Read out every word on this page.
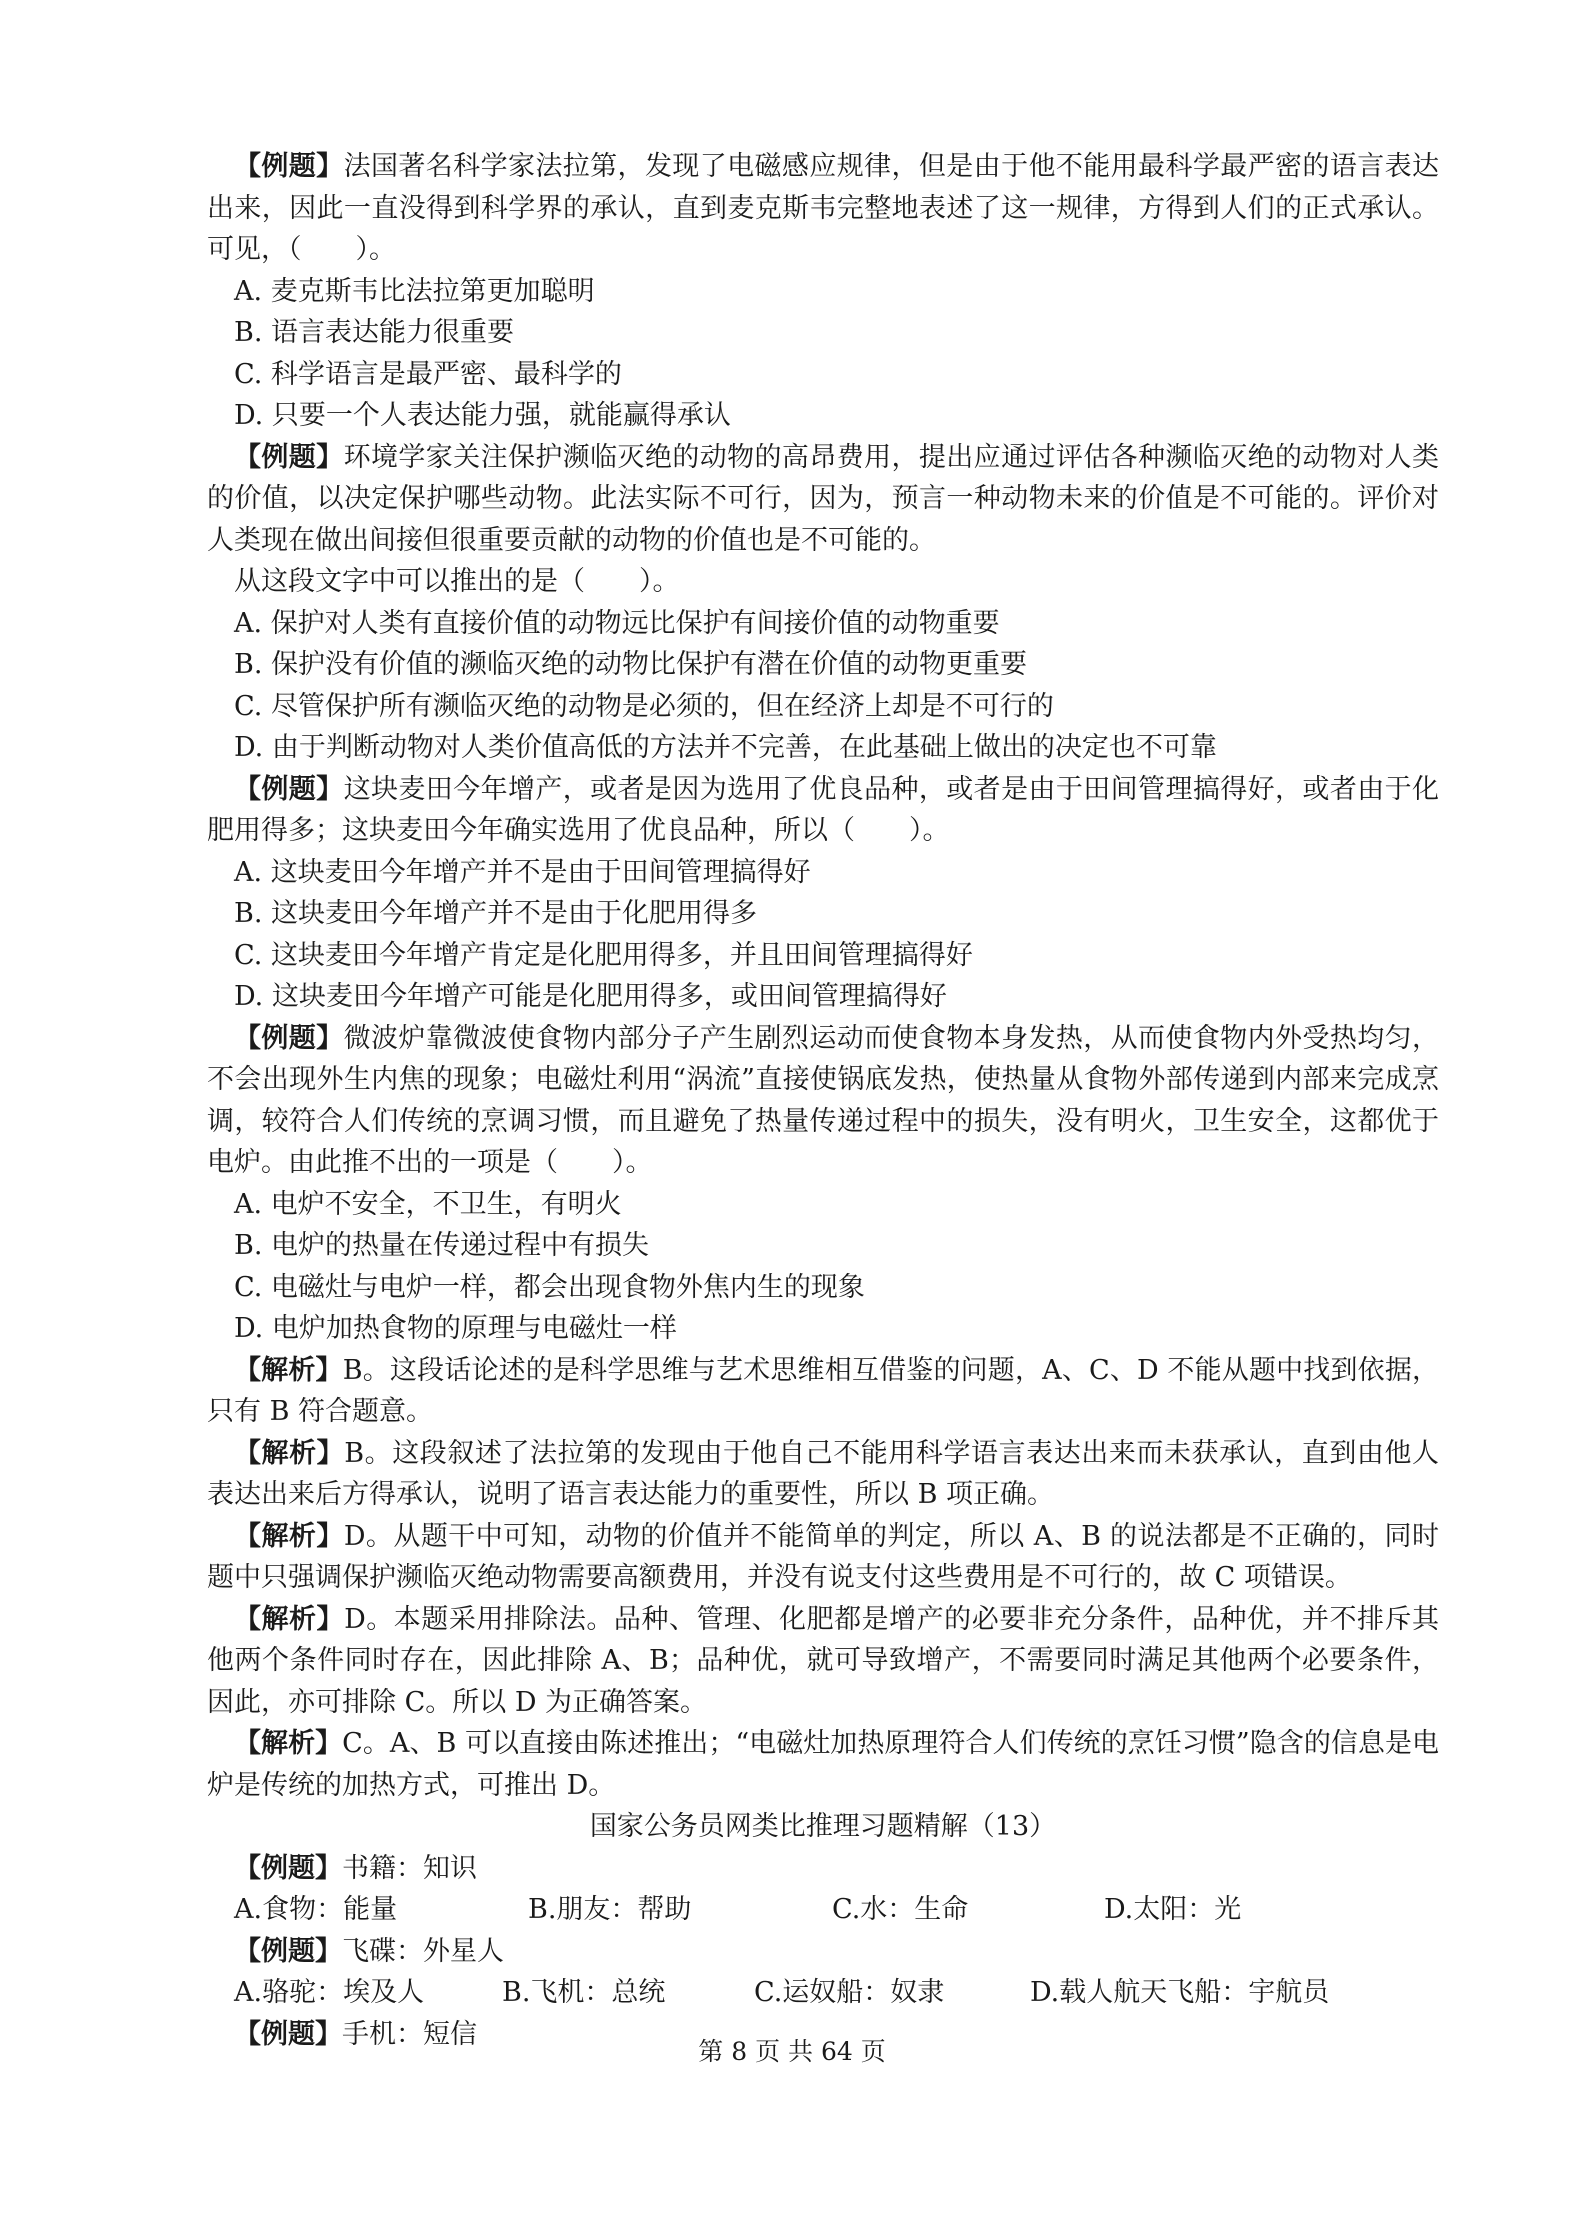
【例题】法国著名科学家法拉第，发现了电磁感应规律，但是由于他不能用最科学最严密的语言表达出来，因此一直没得到科学界的承认，直到麦克斯韦完整地表述了这一规律，方得到人们的正式承认。可见，（　　）。

A. 麦克斯韦比法拉第更加聪明

B. 语言表达能力很重要

C. 科学语言是最严密、最科学的

D. 只要一个人表达能力强，就能赢得承认

【例题】环境学家关注保护濒临灭绝的动物的高昂费用，提出应通过评估各种濒临灭绝的动物对人类的价值，以决定保护哪些动物。此法实际不可行，因为，预言一种动物未来的价值是不可能的。评价对人类现在做出间接但很重要贡献的动物的价值也是不可能的。

从这段文字中可以推出的是（　　）。

A. 保护对人类有直接价值的动物远比保护有间接价值的动物重要

B. 保护没有价值的濒临灭绝的动物比保护有潜在价值的动物更重要

C. 尽管保护所有濒临灭绝的动物是必须的，但在经济上却是不可行的

D. 由于判断动物对人类价值高低的方法并不完善，在此基础上做出的决定也不可靠

【例题】这块麦田今年增产，或者是因为选用了优良品种，或者是由于田间管理搞得好，或者由于化肥用得多；这块麦田今年确实选用了优良品种，所以（　　）。

A. 这块麦田今年增产并不是由于田间管理搞得好

B. 这块麦田今年增产并不是由于化肥用得多

C. 这块麦田今年增产肯定是化肥用得多，并且田间管理搞得好

D. 这块麦田今年增产可能是化肥用得多，或田间管理搞得好

【例题】微波炉靠微波使食物内部分子产生剧烈运动而使食物本身发热，从而使食物内外受热均匀，不会出现外生内焦的现象；电磁灶利用“涡流”直接使锅底发热，使热量从食物外部传递到内部来完成烹调，较符合人们传统的烹调习惯，而且避免了热量传递过程中的损失，没有明火，卫生安全，这都优于电炉。由此推不出的一项是（　　）。

A. 电炉不安全，不卫生，有明火

B. 电炉的热量在传递过程中有损失

C. 电磁灶与电炉一样，都会出现食物外焦内生的现象

D. 电炉加热食物的原理与电磁灶一样

【解析】B。这段话论述的是科学思维与艺术思维相互借鉴的问题，A、C、D 不能从题中找到依据，只有 B 符合题意。

【解析】B。这段叙述了法拉第的发现由于他自己不能用科学语言表达出来而未获承认，直到由他人表达出来后方得承认，说明了语言表达能力的重要性，所以 B 项正确。

【解析】D。从题干中可知，动物的价值并不能简单的判定，所以 A、B 的说法都是不正确的，同时题中只强调保护濒临灭绝动物需要高额费用，并没有说支付这些费用是不可行的，故 C 项错误。

【解析】D。本题采用排除法。品种、管理、化肥都是增产的必要非充分条件，品种优，并不排斥其他两个条件同时存在，因此排除 A、B；品种优，就可导致增产，不需要同时满足其他两个必要条件，因此，亦可排除 C。所以 D 为正确答案。

【解析】C。A、B 可以直接由陈述推出；“电磁灶加热原理符合人们传统的烹饪习惯”隐含的信息是电炉是传统的加热方式，可推出 D。

国家公务员网类比推理习题精解（13）

【例题】书籍：知识

A.食物：能量	B.朋友：帮助	C.水：生命	D.太阳：光

【例题】飞碟：外星人

A.骆驼：埃及人	B.飞机：总统	C.运奴船：奴隶	D.载人航天飞船：宇航员

【例题】手机：短信

第 8 页 共 64 页
